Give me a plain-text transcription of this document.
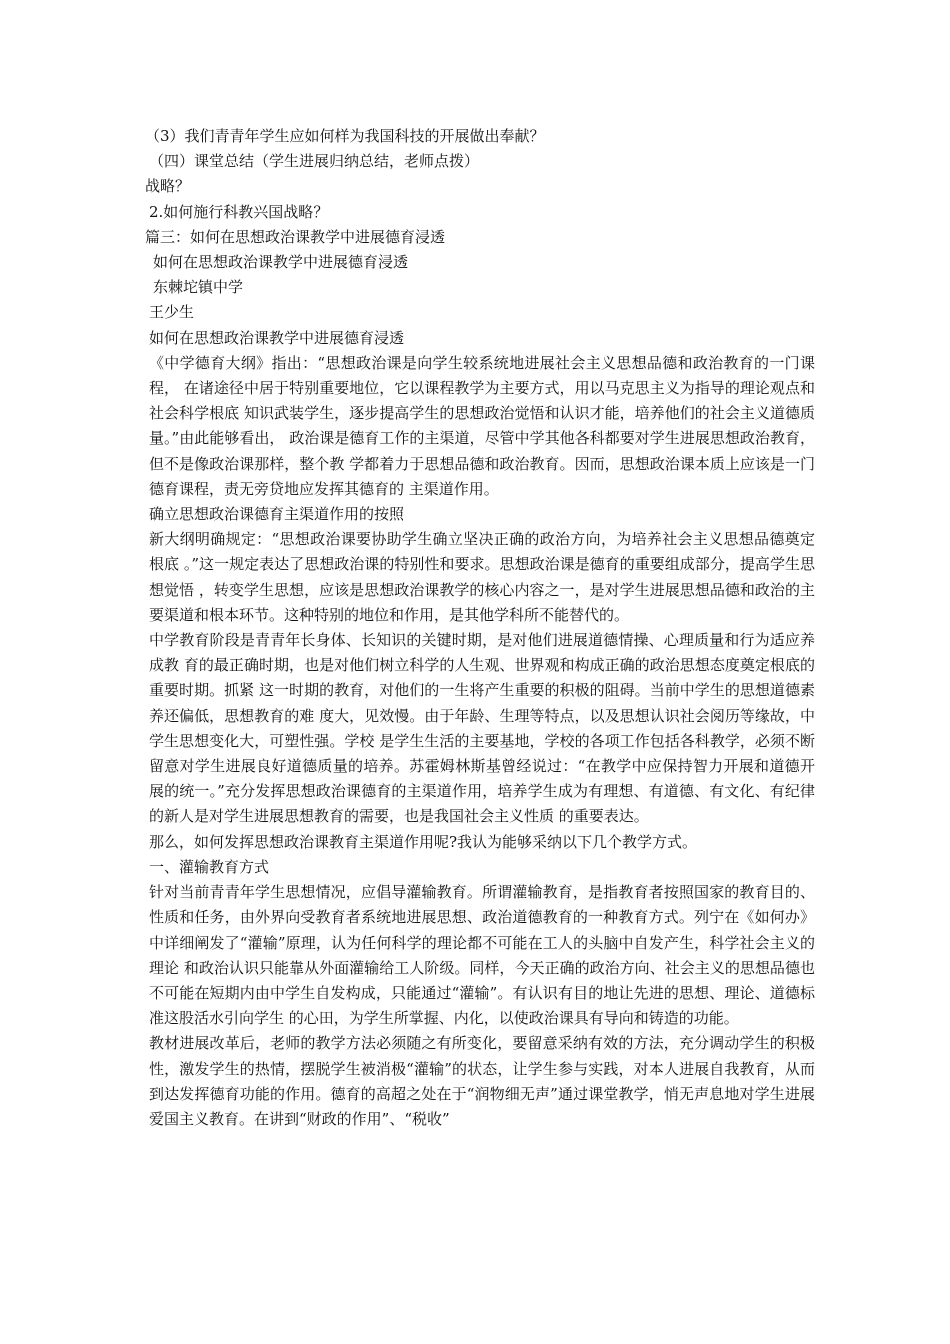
（3）我们青青年学生应如何样为我国科技的开展做出奉献？

（四）课堂总结（学生进展归纳总结，老师点拨）

战略？

2.如何施行科教兴国战略？

篇三：如何在思想政治课教学中进展德育浸透

如何在思想政治课教学中进展德育浸透

东棘坨镇中学

王少生

如何在思想政治课教学中进展德育浸透

《中学德育大纲》指出：“思想政治课是向学生较系统地进展社会主义思想品德和政治教育的一门课程， 在诸途径中居于特别重要地位，它以课程教学为主要方式，用以马克思主义为指导的理论观点和社会科学根底 知识武装学生，逐步提高学生的思想政治觉悟和认识才能，培养他们的社会主义道德质量。”由此能够看出， 政治课是德育工作的主渠道，尽管中学其他各科都要对学生进展思想政治教育，但不是像政治课那样，整个教 学都着力于思想品德和政治教育。因而，思想政治课本质上应该是一门德育课程，责无旁贷地应发挥其德育的 主渠道作用。

确立思想政治课德育主渠道作用的按照

新大纲明确规定：“思想政治课要协助学生确立坚决正确的政治方向，为培养社会主义思想品德奠定根底 。”这一规定表达了思想政治课的特别性和要求。思想政治课是德育的重要组成部分，提高学生思想觉悟 ，转变学生思想，应该是思想政治课教学的核心内容之一，是对学生进展思想品德和政治的主要渠道和根本环节。这种特别的地位和作用，是其他学科所不能替代的。

中学教育阶段是青青年长身体、长知识的关键时期，是对他们进展道德情操、心理质量和行为适应养成教 育的最正确时期，也是对他们树立科学的人生观、世界观和构成正确的政治思想态度奠定根底的重要时期。抓紧 这一时期的教育，对他们的一生将产生重要的积极的阻碍。当前中学生的思想道德素养还偏低，思想教育的难 度大，见效慢。由于年龄、生理等特点，以及思想认识社会阅历等缘故，中学生思想变化大，可塑性强。学校 是学生生活的主要基地，学校的各项工作包括各科教学，必须不断留意对学生进展良好道德质量的培养。苏霍姆林斯基曾经说过：“在教学中应保持智力开展和道德开展的统一。”充分发挥思想政治课德育的主渠道作用，培养学生成为有理想、有道德、有文化、有纪律的新人是对学生进展思想教育的需要，也是我国社会主义性质 的重要表达。

那么，如何发挥思想政治课教育主渠道作用呢?我认为能够采纳以下几个教学方式。

一、灌输教育方式

针对当前青青年学生思想情况，应倡导灌输教育。所谓灌输教育，是指教育者按照国家的教育目的、性质和任务，由外界向受教育者系统地进展思想、政治道德教育的一种教育方式。列宁在《如何办》中详细阐发了“灌输”原理，认为任何科学的理论都不可能在工人的头脑中自发产生，科学社会主义的理论 和政治认识只能靠从外面灌输给工人阶级。同样，今天正确的政治方向、社会主义的思想品德也不可能在短期内由中学生自发构成，只能通过“灌输”。有认识有目的地让先进的思想、理论、道德标准这股活水引向学生 的心田，为学生所掌握、内化，以使政治课具有导向和铸造的功能。

教材进展改革后，老师的教学方法必须随之有所变化，要留意采纳有效的方法，充分调动学生的积极性，激发学生的热情，摆脱学生被消极“灌输”的状态，让学生参与实践，对本人进展自我教育，从而到达发挥德育功能的作用。德育的高超之处在于“润物细无声”通过课堂教学，悄无声息地对学生进展爱国主义教育。在讲到“财政的作用”、“税收”
